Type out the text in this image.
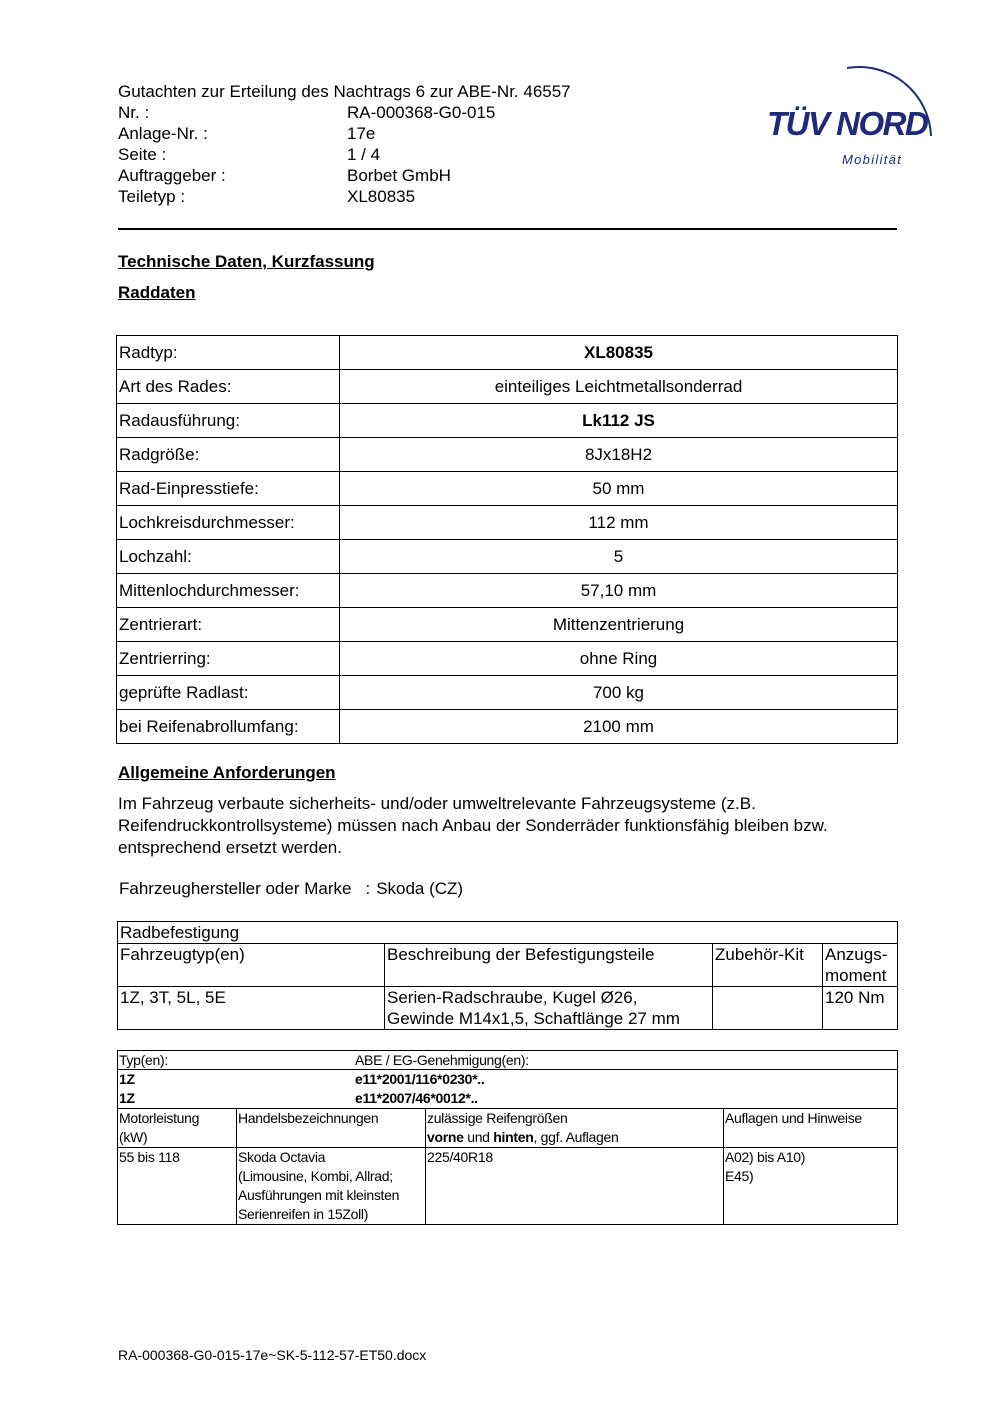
Gutachten zur Erteilung des Nachtrags 6 zur ABE-Nr. 46557
Nr. :	RA-000368-G0-015
Anlage-Nr. :	17e
Seite :	1 / 4
Auftraggeber :	Borbet GmbH
Teiletyp :	XL80835
TÜV NORD
Mobilität
Technische Daten, Kurzfassung
Raddaten
Radtyp:	XL80835
Art des Rades:	einteiliges Leichtmetallsonderrad
Radausführung:	Lk112 JS
Radgröße:	8Jx18H2
Rad-Einpresstiefe:	50 mm
Lochkreisdurchmesser:	112 mm
Lochzahl:	5
Mittenlochdurchmesser:	57,10 mm
Zentrierart:	Mittenzentrierung
Zentrierring:	ohne Ring
geprüfte Radlast:	700 kg
bei Reifenabrollumfang:	2100 mm
Allgemeine Anforderungen
Im Fahrzeug verbaute sicherheits- und/oder umweltrelevante Fahrzeugsysteme (z.B. Reifendruckkontrollsysteme) müssen nach Anbau der Sonderräder funktionsfähig bleiben bzw. entsprechend ersetzt werden.
Fahrzeughersteller oder Marke : Skoda (CZ)
Radbefestigung			
Fahrzeugtyp(en)	Beschreibung der Befestigungsteile	Zubehör-Kit	Anzugs-
moment
1Z, 3T, 5L, 5E	Serien-Radschraube, Kugel Ø26,
Gewinde M14x1,5, Schaftlänge 27 mm		120 Nm
Typ(en): ABE / EG-Genehmigung(en):			
1Z e11*2001/116*0230*..
1Z e11*2007/46*0012*..			
Motorleistung
(kW)	Handelsbezeichnungen	zulässige Reifengrößen
vorne und hinten, ggf. Auflagen	Auflagen und Hinweise
55 bis 118	Skoda Octavia
(Limousine, Kombi, Allrad;
Ausführungen mit kleinsten
Serienreifen in 15Zoll)	225/40R18	A02) bis A10)
E45)
RA-000368-G0-015-17e~SK-5-112-57-ET50.docx
